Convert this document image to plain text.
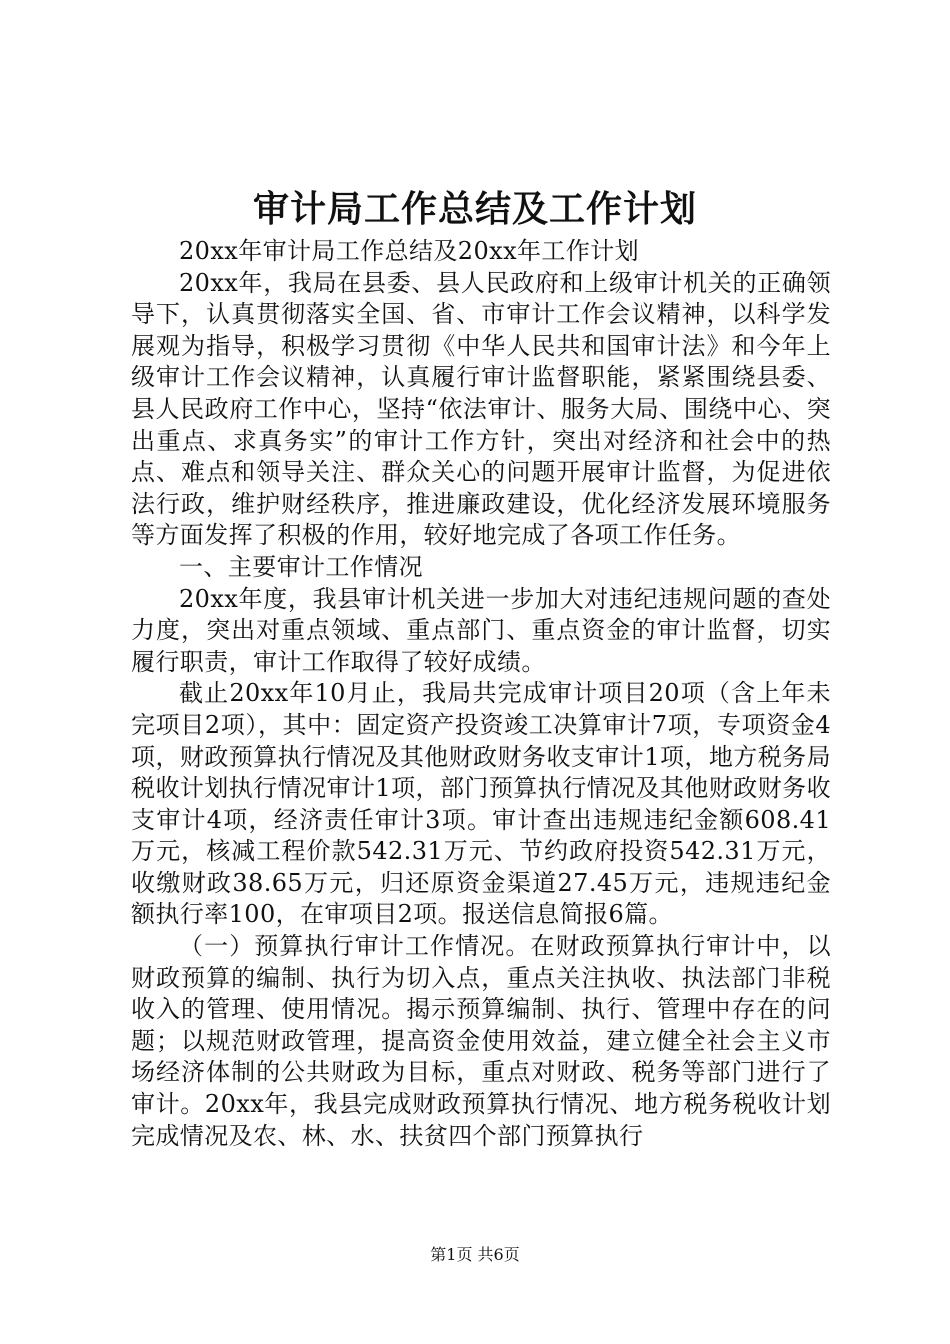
审计局工作总结及工作计划

20xx年审计局工作总结及20xx年工作计划

20xx年，我局在县委、县人民政府和上级审计机关的正确领导下，认真贯彻落实全国、省、市审计工作会议精神，以科学发展观为指导，积极学习贯彻《中华人民共和国审计法》和今年上级审计工作会议精神，认真履行审计监督职能，紧紧围绕县委、县人民政府工作中心，坚持“依法审计、服务大局、围绕中心、突出重点、求真务实”的审计工作方针，突出对经济和社会中的热点、难点和领导关注、群众关心的问题开展审计监督，为促进依法行政，维护财经秩序，推进廉政建设，优化经济发展环境服务等方面发挥了积极的作用，较好地完成了各项工作任务。

一、主要审计工作情况

20xx年度，我县审计机关进一步加大对违纪违规问题的查处力度，突出对重点领域、重点部门、重点资金的审计监督，切实履行职责，审计工作取得了较好成绩。

截止20xx年10月止，我局共完成审计项目20项（含上年未完项目2项），其中：固定资产投资竣工决算审计7项，专项资金4项，财政预算执行情况及其他财政财务收支审计1项，地方税务局税收计划执行情况审计1项，部门预算执行情况及其他财政财务收支审计4项，经济责任审计3项。审计查出违规违纪金额608.41万元，核减工程价款542.31万元、节约政府投资542.31万元，收缴财政38.65万元，归还原资金渠道27.45万元，违规违纪金额执行率100，在审项目2项。报送信息简报6篇。

（一）预算执行审计工作情况。在财政预算执行审计中，以财政预算的编制、执行为切入点，重点关注执收、执法部门非税收入的管理、使用情况。揭示预算编制、执行、管理中存在的问题；以规范财政管理，提高资金使用效益，建立健全社会主义市场经济体制的公共财政为目标，重点对财政、税务等部门进行了审计。20xx年，我县完成财政预算执行情况、地方税务税收计划完成情况及农、林、水、扶贫四个部门预算执行

第1页 共6页
